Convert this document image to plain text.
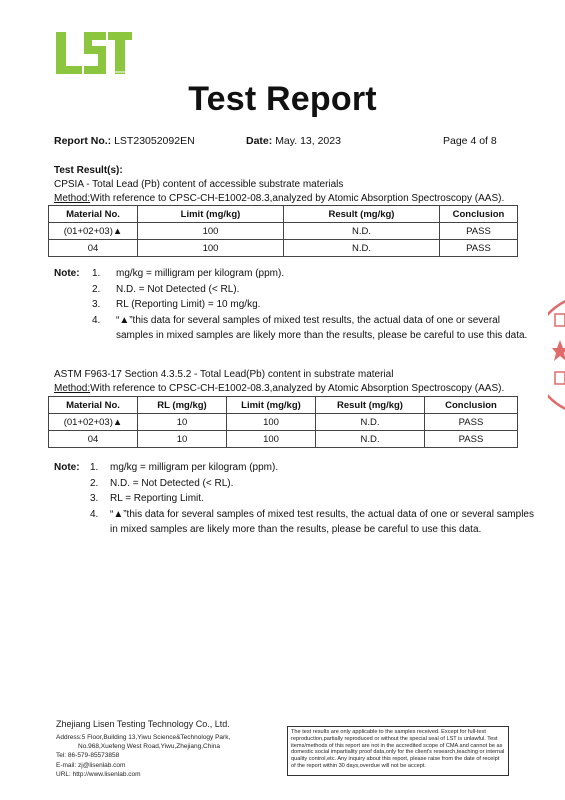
Test Report
Report No.: LST23052092EN	Date: May. 13, 2023	Page 4 of 8
Test Result(s):
CPSIA - Total Lead (Pb) content of accessible substrate materials
Method:With reference to CPSC-CH-E1002-08.3,analyzed by Atomic Absorption Spectroscopy (AAS).
Material No.	Limit (mg/kg)	Result (mg/kg)	Conclusion
(01+02+03)▲	100	N.D.	PASS
04	100	N.D.	PASS
Note: 1. mg/kg = milligram per kilogram (ppm).
2. N.D. = Not Detected (< RL).
3. RL (Reporting Limit) = 10 mg/kg.
4. “▲”this data for several samples of mixed test results, the actual data of one or several
samples in mixed samples are likely more than the results, please be careful to use this data.
ASTM F963-17 Section 4.3.5.2 - Total Lead(Pb) content in substrate material
Method:With reference to CPSC-CH-E1002-08.3,analyzed by Atomic Absorption Spectroscopy (AAS).
Material No.	RL (mg/kg)	Limit (mg/kg)	Result (mg/kg)	Conclusion
(01+02+03)▲	10	100	N.D.	PASS
04	10	100	N.D.	PASS
Note: 1. mg/kg = milligram per kilogram (ppm).
2. N.D. = Not Detected (< RL).
3. RL = Reporting Limit.
4. “▲”this data for several samples of mixed test results, the actual data of one or several samples
in mixed samples are likely more than the results, please be careful to use this data.
Zhejiang Lisen Testing Technology Co., Ltd.
Address:5 Floor,Building 13,Yiwu Science&Technology Park,
No.968,Xuefeng West Road,Yiwu,Zhejiang,China
Tel: 86-579-85573858
E-mail: zj@lisenlab.com
URL: http://www.lisenlab.com
The test results are only applicable to the samples received. Except for full-text reproduction,partially reproduced or without the special seal of LST is unlawful. Test items/methods of this report are not in the accredited scope of CMA and cannot be as domestic social impartiality proof data,only for the client's research,teaching or internal quality control,etc. Any inquiry about this report, please raise from the date of receipt of the report within 30 days,overdue will not be accept.
